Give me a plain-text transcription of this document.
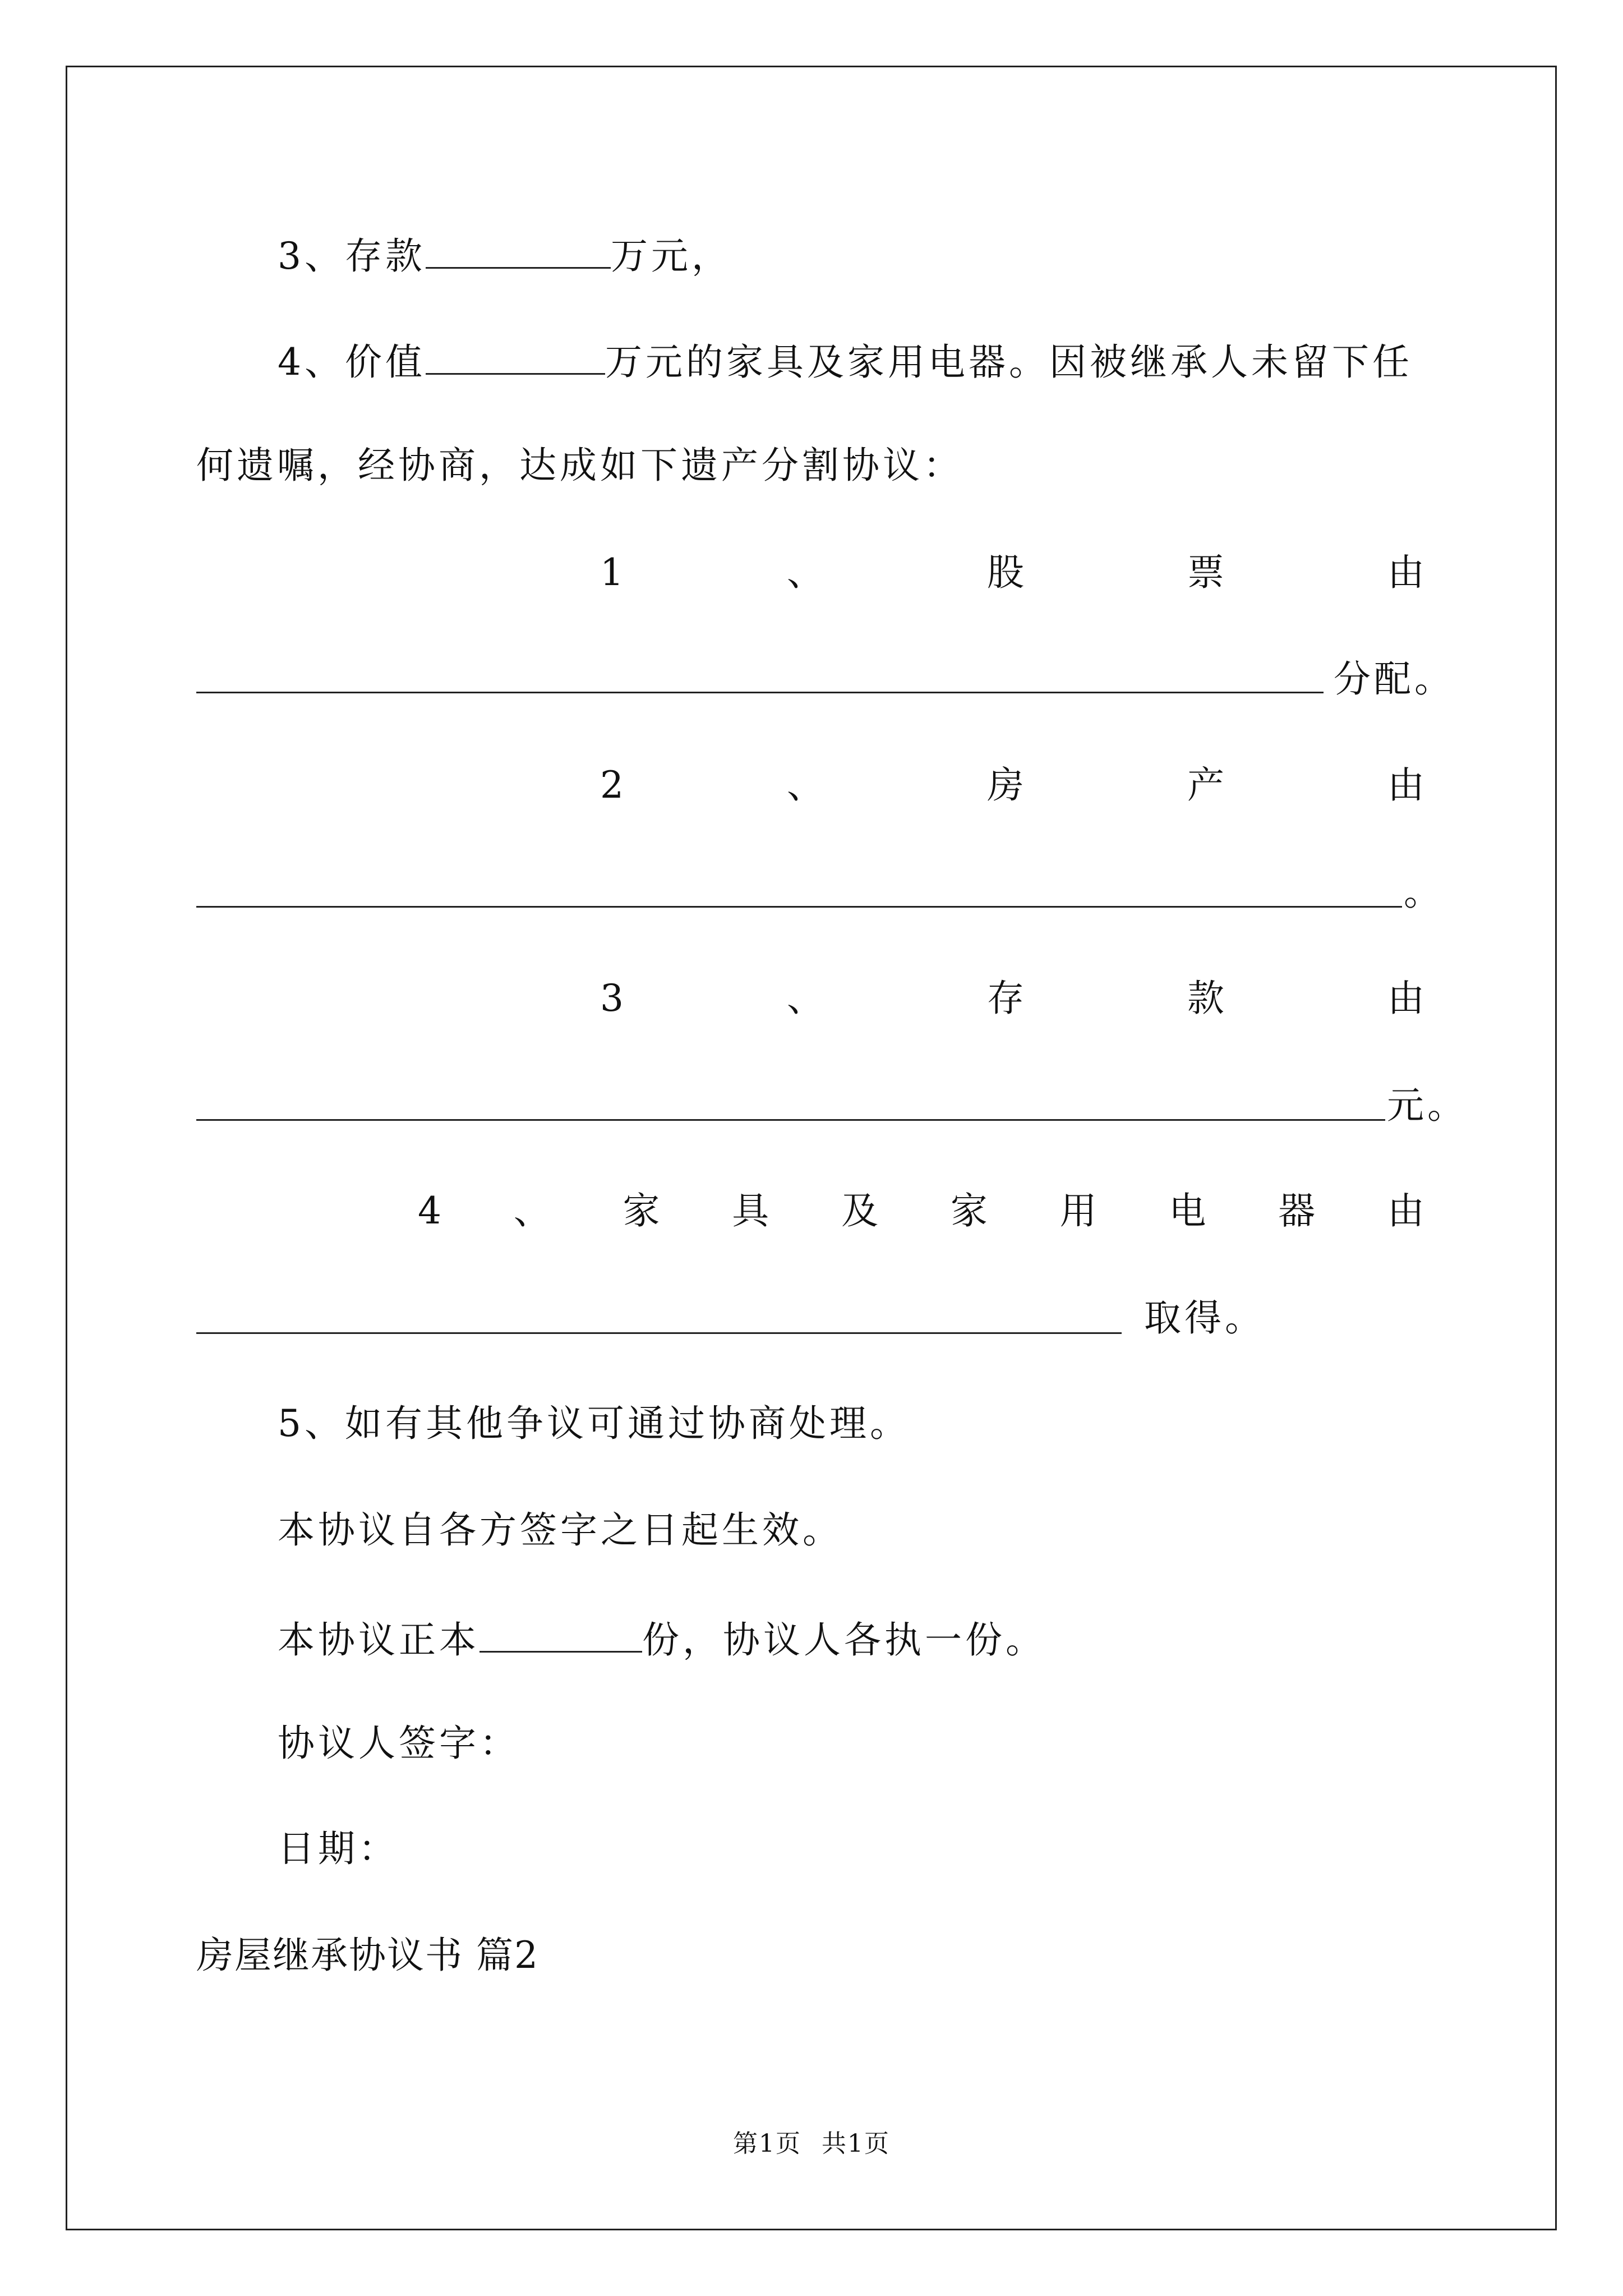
3、存款	万元，
4、价值	万元的家具及家用电器。因被继承人未留下任
何遗嘱，经协商，达成如下遗产分割协议：
1	、	股	票	由
分配。
2	、	房	产	由
。
3	、	存	款	由
元。
4 、 家 具 及 家 用 电 器 由
取得。
5、如有其他争议可通过协商处理。
本协议自各方签字之日起生效。
本协议正本	份，协议人各执一份。
协议人签字：
日期：
房屋继承协议书 篇2
第1页 共1页
